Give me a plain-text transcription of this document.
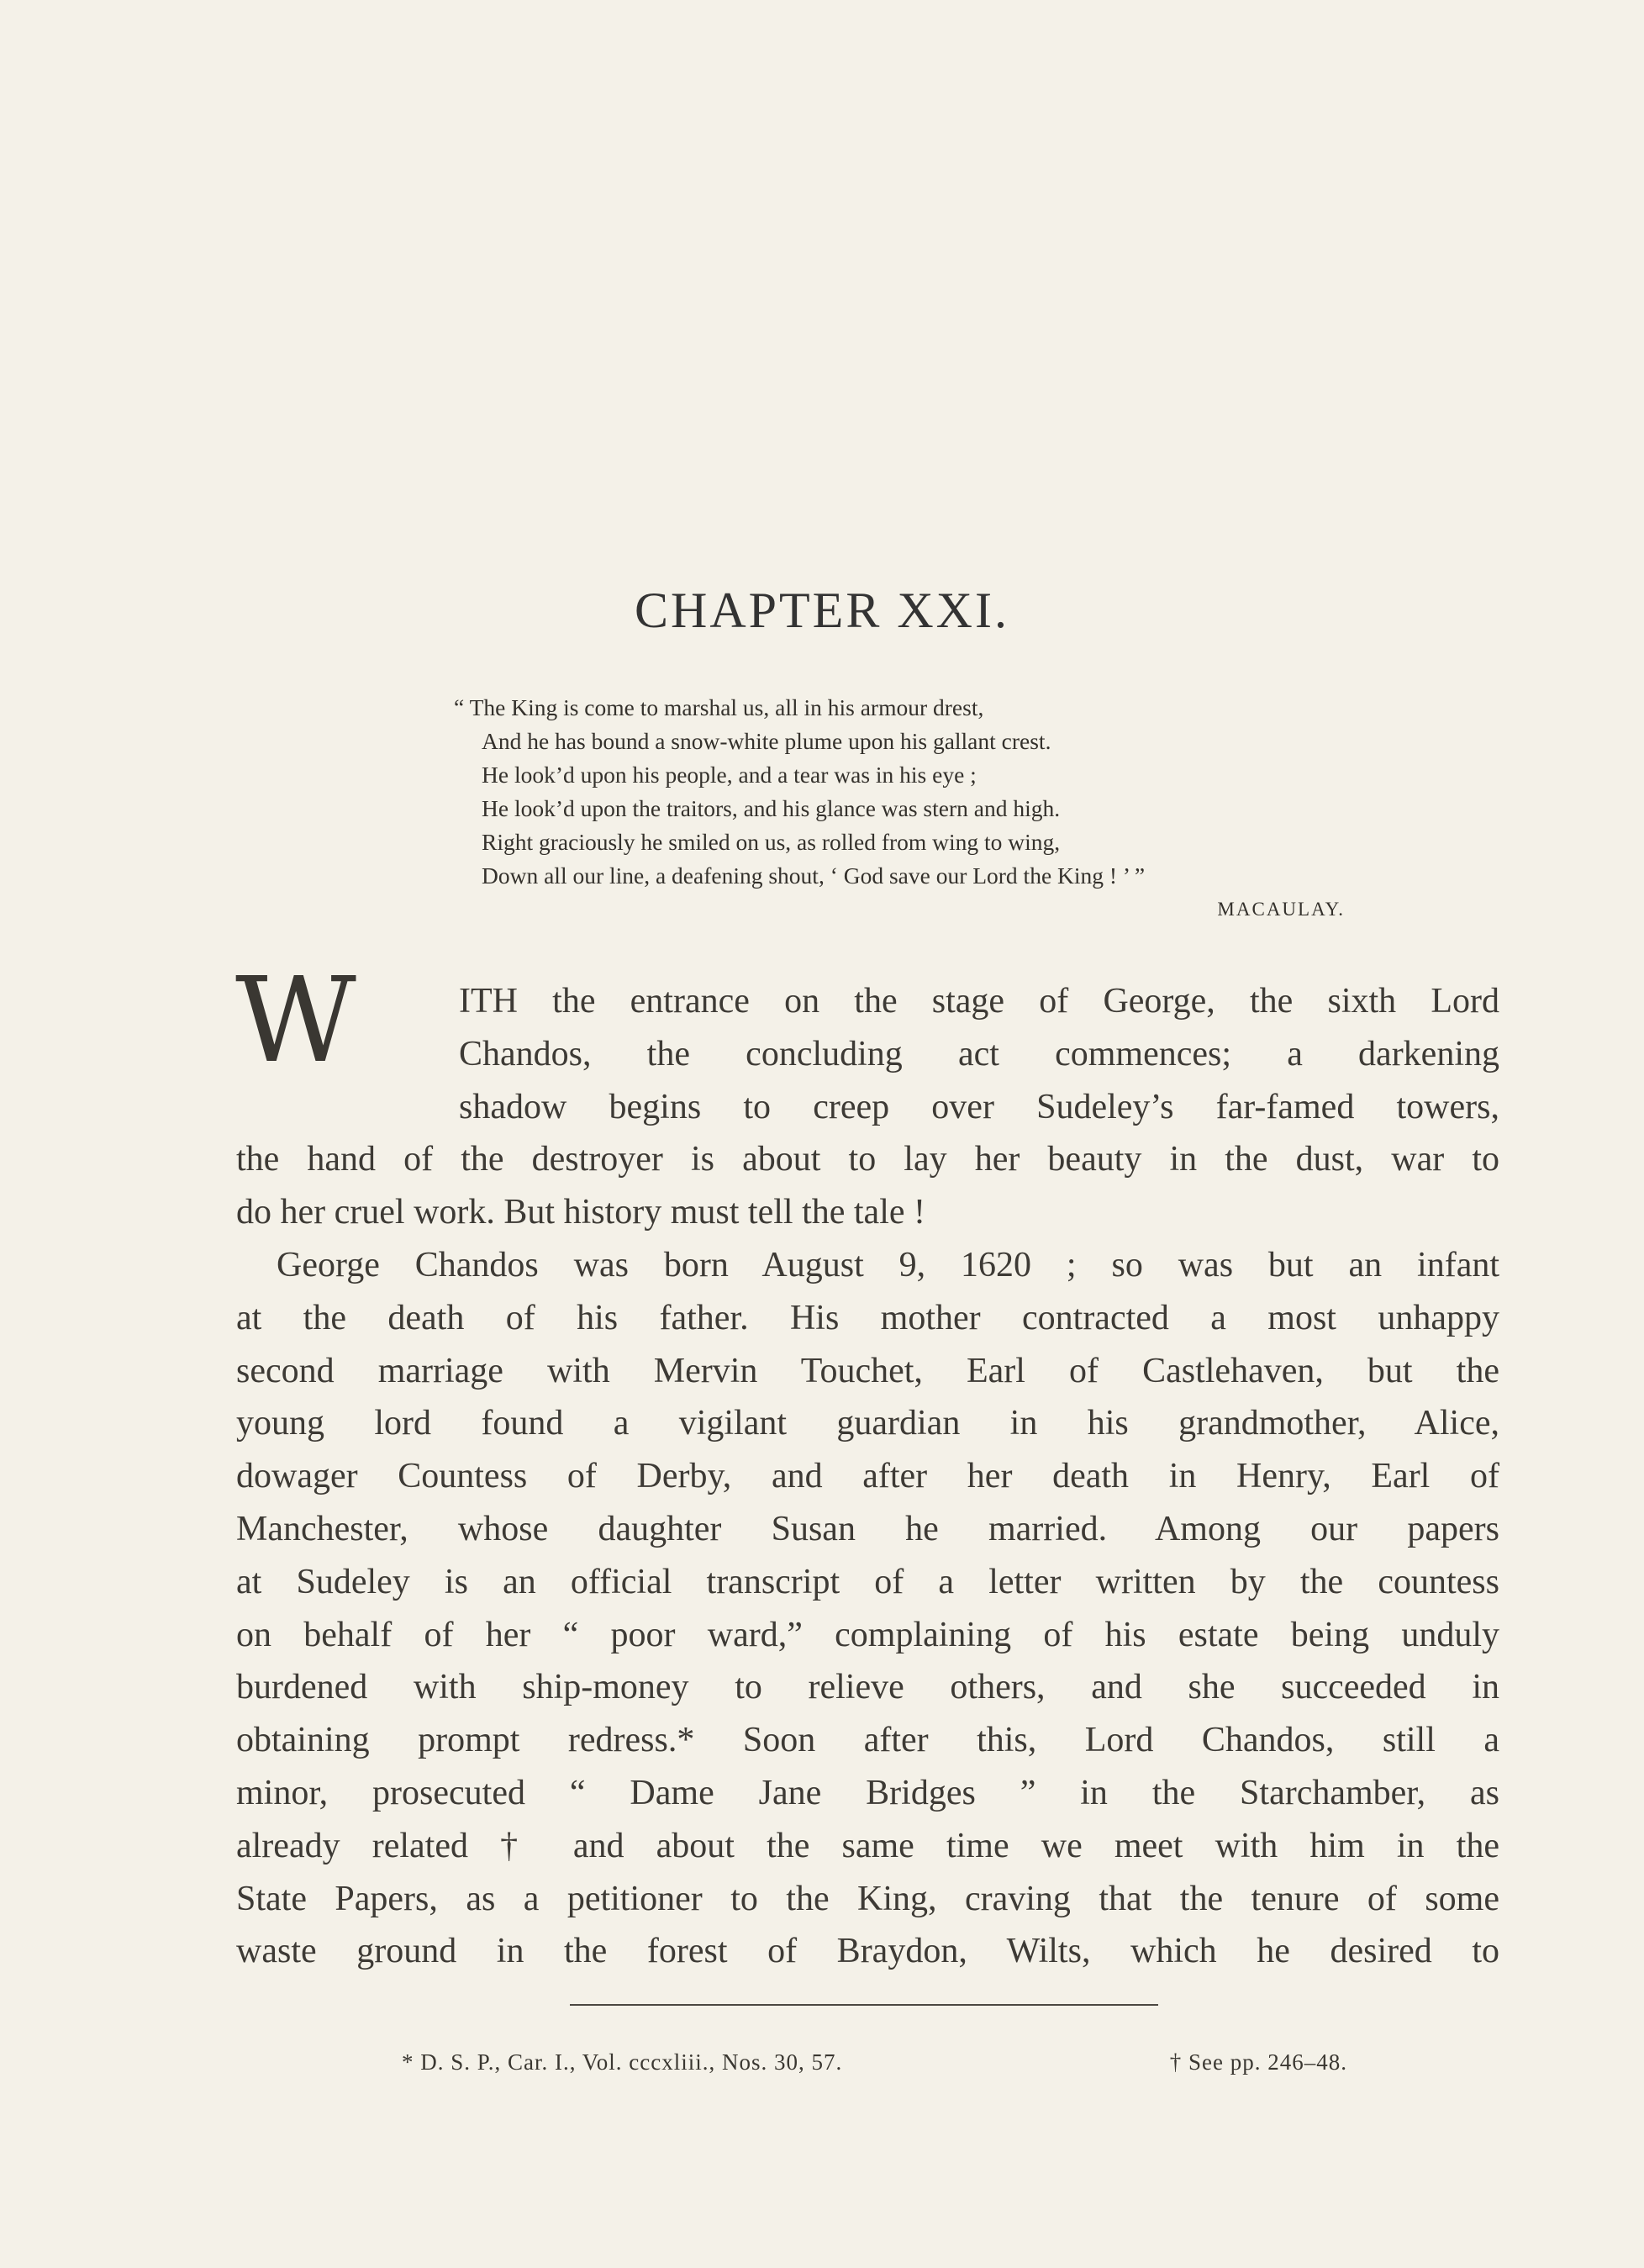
CHAPTER XXI.
“ The King is come to marshal us, all in his armour drest,
And he has bound a snow-white plume upon his gallant crest.
He look’d upon his people, and a tear was in his eye ;
He look’d upon the traitors, and his glance was stern and high.
Right graciously he smiled on us, as rolled from wing to wing,
Down all our line, a deafening shout, ‘ God save our Lord the King ! ’ ”
MACAULAY.
W	ITH the entrance on the stage of George, the sixth Lord
Chandos, the concluding act commences; a darkening
shadow begins to creep over Sudeley’s far-famed towers,
the hand of the destroyer is about to lay her beauty in the dust, war to
do her cruel work. But history must tell the tale !
George Chandos was born August 9, 1620 ; so was but an infant
at the death of his father. His mother contracted a most unhappy
second marriage with Mervin Touchet, Earl of Castlehaven, but the
young lord found a vigilant guardian in his grandmother, Alice,
dowager Countess of Derby, and after her death in Henry, Earl of
Manchester, whose daughter Susan he married. Among our papers
at Sudeley is an official transcript of a letter written by the countess
on behalf of her “ poor ward,” complaining of his estate being unduly
burdened with ship-money to relieve others, and she succeeded in
obtaining prompt redress.* Soon after this, Lord Chandos, still a
minor, prosecuted “ Dame Jane Bridges ” in the Starchamber, as
already related † and about the same time we meet with him in the
State Papers, as a petitioner to the King, craving that the tenure of some
waste ground in the forest of Braydon, Wilts, which he desired to
* D. S. P., Car. I., Vol. cccxliii., Nos. 30, 57.	† See pp. 246–48.
